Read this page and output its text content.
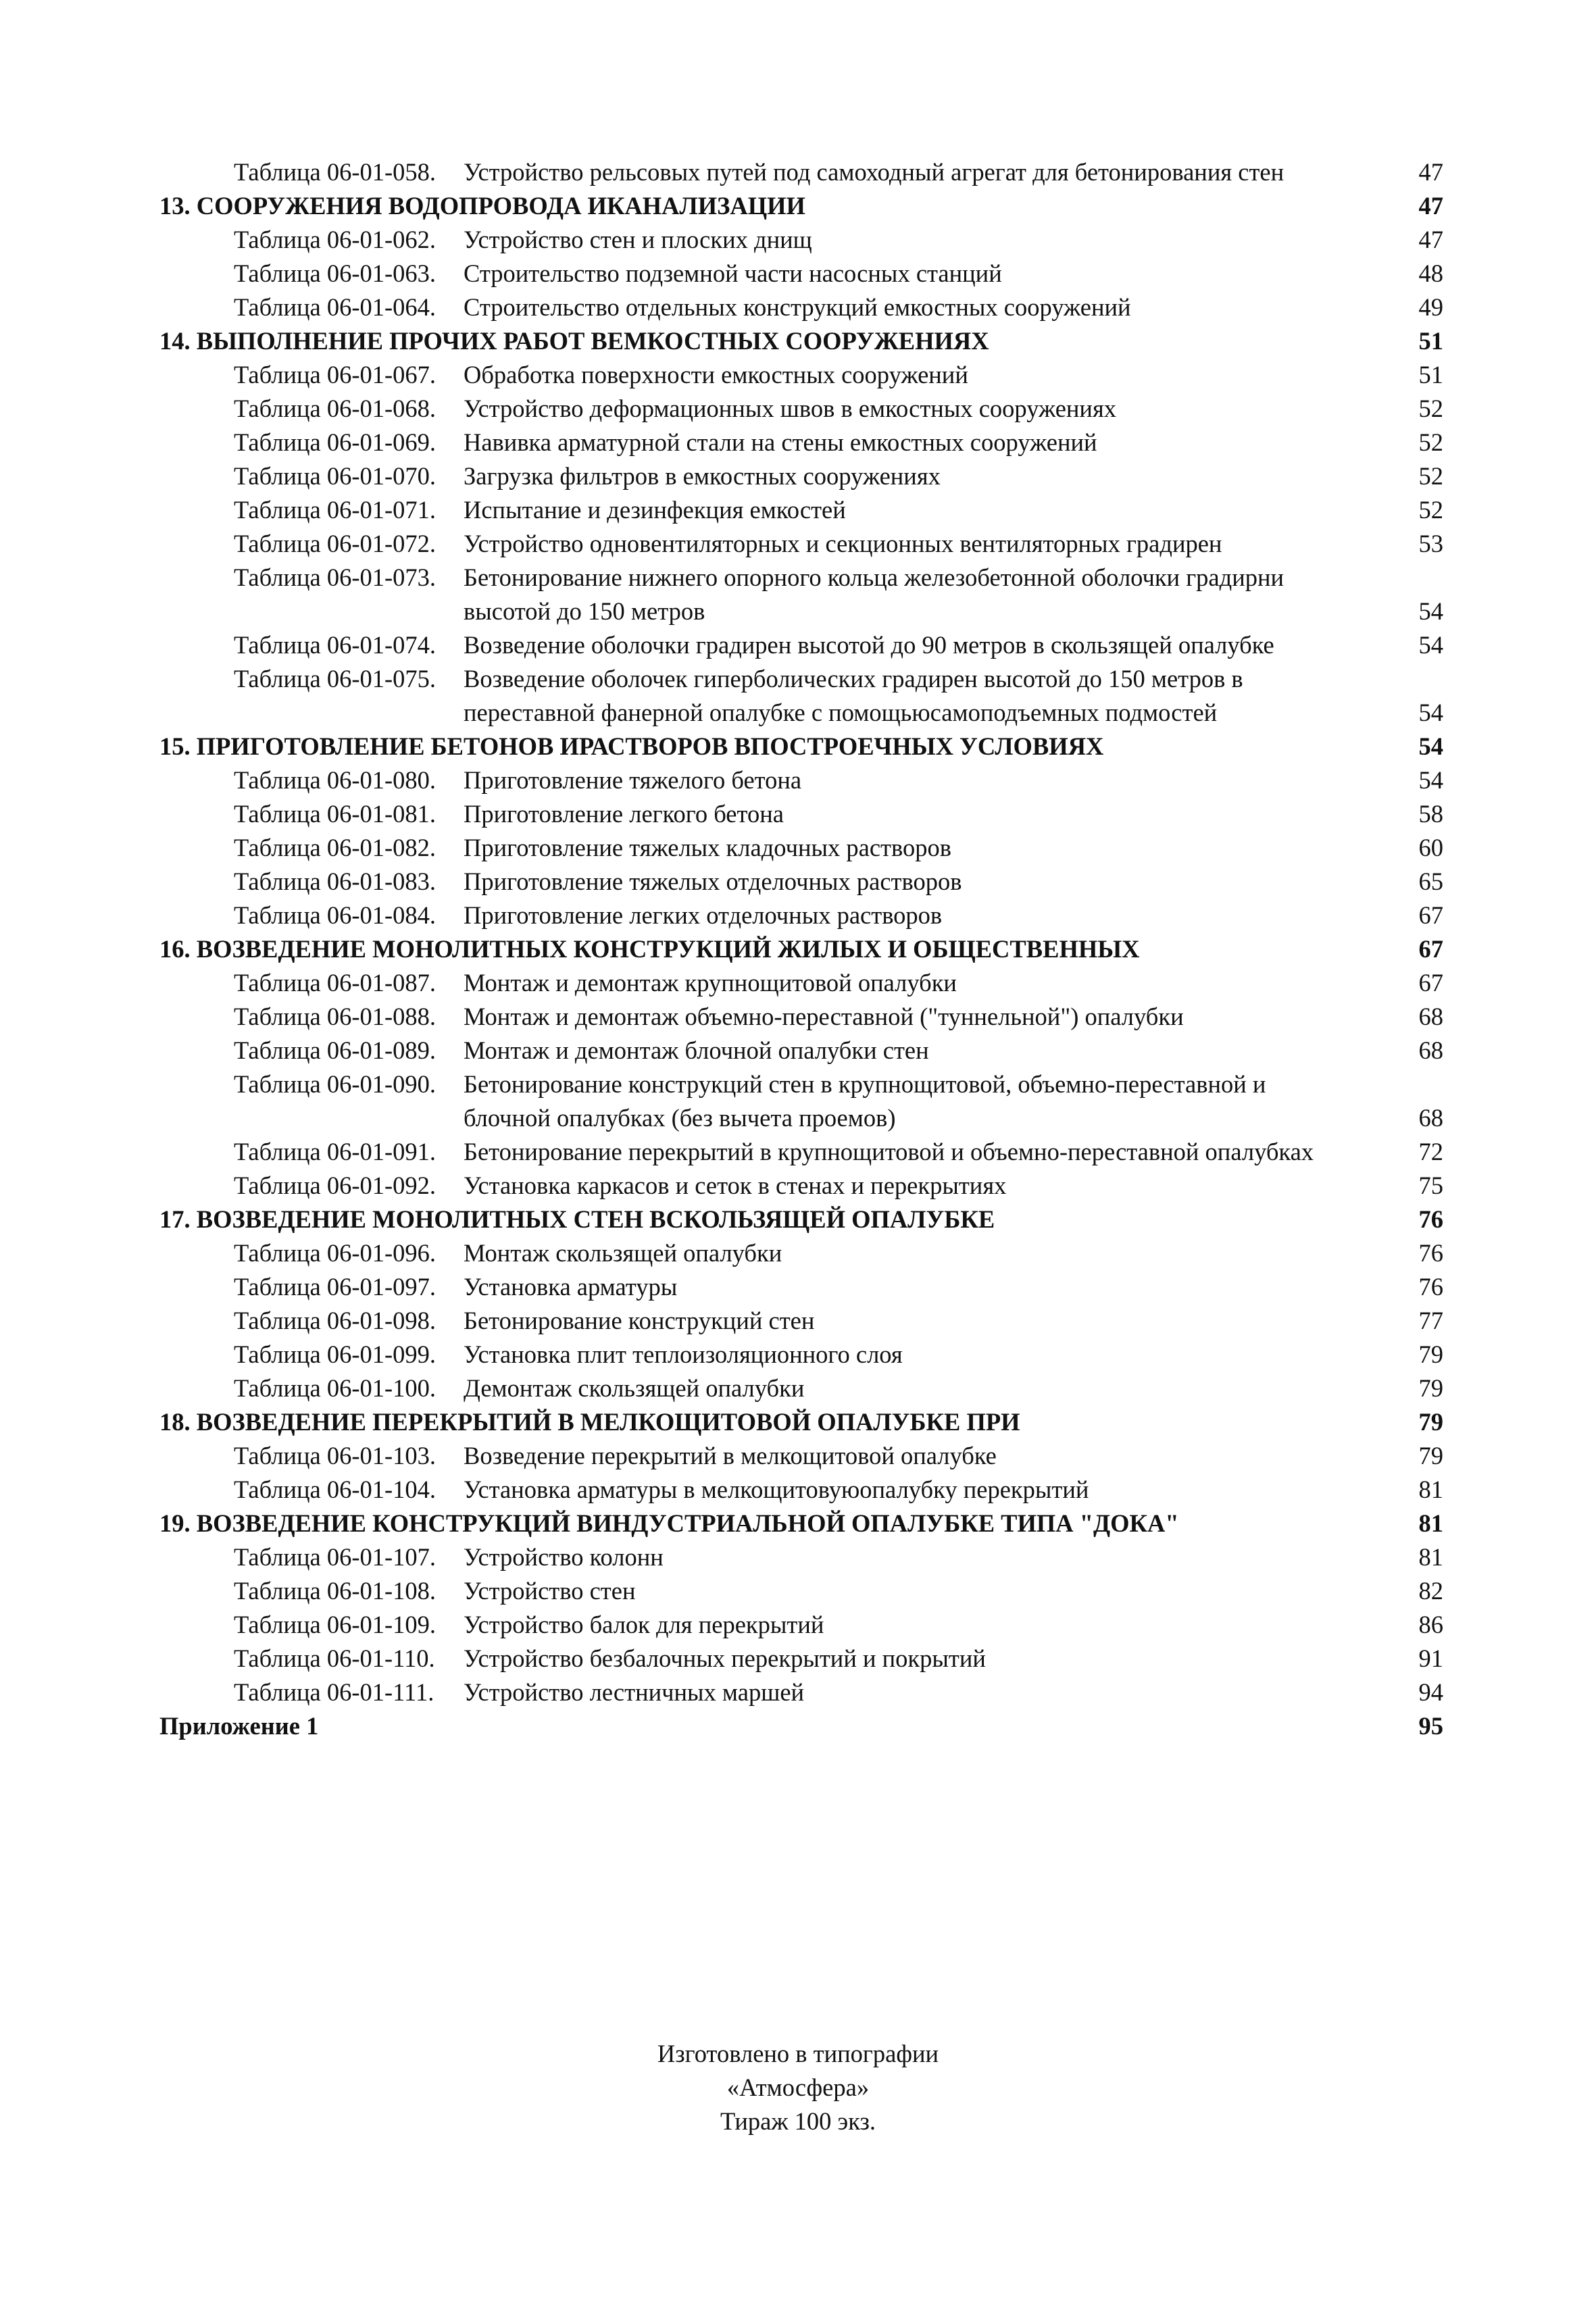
Таблица 06-01-058.	Устройство рельсовых путей под самоходный агрегат для бетонирования стен	47
13. СООРУЖЕНИЯ ВОДОПРОВОДА ИКАНАЛИЗАЦИИ	47
Таблица 06-01-062.	Устройство стен и плоских днищ	47
Таблица 06-01-063.	Строительство подземной части насосных станций	48
Таблица 06-01-064.	Строительство отдельных конструкций емкостных сооружений	49
14. ВЫПОЛНЕНИЕ ПРОЧИХ РАБОТ ВЕМКОСТНЫХ СООРУЖЕНИЯХ	51
Таблица 06-01-067.	Обработка поверхности емкостных сооружений	51
Таблица 06-01-068.	Устройство деформационных швов в емкостных сооружениях	52
Таблица 06-01-069.	Навивка арматурной стали на стены емкостных сооружений	52
Таблица 06-01-070.	Загрузка фильтров в емкостных сооружениях	52
Таблица 06-01-071.	Испытание и дезинфекция емкостей	52
Таблица 06-01-072.	Устройство одновентиляторных и секционных вентиляторных градирен	53
Таблица 06-01-073.	Бетонирование нижнего опорного кольца железобетонной оболочки градирни высотой до 150 метров	54
Таблица 06-01-074.	Возведение оболочки градирен высотой до 90 метров в скользящей опалубке	54
Таблица 06-01-075.	Возведение оболочек гиперболических градирен высотой до 150 метров в переставной фанерной опалубке с помощьюсамоподъемных подмостей	54
15. ПРИГОТОВЛЕНИЕ БЕТОНОВ ИРАСТВОРОВ ВПОСТРОЕЧНЫХ УСЛОВИЯХ	54
Таблица 06-01-080.	Приготовление тяжелого бетона	54
Таблица 06-01-081.	Приготовление легкого бетона	58
Таблица 06-01-082.	Приготовление тяжелых кладочных растворов	60
Таблица 06-01-083.	Приготовление тяжелых отделочных растворов	65
Таблица 06-01-084.	Приготовление легких отделочных растворов	67
16. ВОЗВЕДЕНИЕ МОНОЛИТНЫХ КОНСТРУКЦИЙ ЖИЛЫХ И ОБЩЕСТВЕННЫХ	67
Таблица 06-01-087.	Монтаж и демонтаж крупнощитовой опалубки	67
Таблица 06-01-088.	Монтаж и демонтаж объемно-переставной ("туннельной") опалубки	68
Таблица 06-01-089.	Монтаж и демонтаж блочной опалубки стен	68
Таблица 06-01-090.	Бетонирование конструкций стен в крупнощитовой, объемно-переставной и блочной опалубках (без вычета проемов)	68
Таблица 06-01-091.	Бетонирование перекрытий в крупнощитовой и объемно-переставной опалубках	72
Таблица 06-01-092.	Установка каркасов и сеток в стенах и перекрытиях	75
17. ВОЗВЕДЕНИЕ МОНОЛИТНЫХ СТЕН ВСКОЛЬЗЯЩЕЙ ОПАЛУБКЕ	76
Таблица 06-01-096.	Монтаж скользящей опалубки	76
Таблица 06-01-097.	Установка арматуры	76
Таблица 06-01-098.	Бетонирование конструкций стен	77
Таблица 06-01-099.	Установка плит теплоизоляционного слоя	79
Таблица 06-01-100.	Демонтаж скользящей опалубки	79
18. ВОЗВЕДЕНИЕ ПЕРЕКРЫТИЙ В МЕЛКОЩИТОВОЙ ОПАЛУБКЕ ПРИ	79
Таблица 06-01-103.	Возведение перекрытий в мелкощитовой опалубке	79
Таблица 06-01-104.	Установка арматуры в мелкощитовуюопалубку перекрытий	81
19. ВОЗВЕДЕНИЕ КОНСТРУКЦИЙ ВИНДУСТРИАЛЬНОЙ ОПАЛУБКЕ ТИПА "ДОКА"	81
Таблица 06-01-107.	Устройство колонн	81
Таблица 06-01-108.	Устройство стен	82
Таблица 06-01-109.	Устройство балок для перекрытий	86
Таблица 06-01-110.	Устройство безбалочных перекрытий и покрытий	91
Таблица 06-01-111.	Устройство лестничных маршей	94
Приложение 1	95
Изготовлено в типографии
«Атмосфера»
Тираж 100 экз.
